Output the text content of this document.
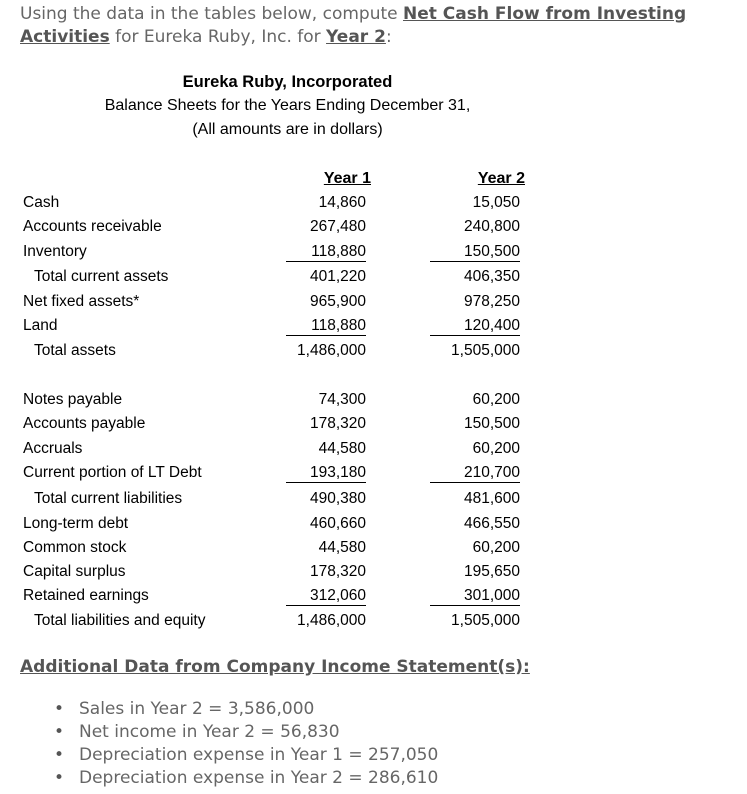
Using the data in the tables below, compute Net Cash Flow from Investing Activities for Eureka Ruby, Inc. for Year 2:
Eureka Ruby, Incorporated
Balance Sheets for the Years Ending December 31,
(All amounts are in dollars)
Year 1	Year 2
Cash	14,860	15,050
Accounts receivable	267,480	240,800
Inventory	118,880	150,500
Total current assets	401,220	406,350
Net fixed assets*	965,900	978,250
Land	118,880	120,400
Total assets	1,486,000	1,505,000
Notes payable	74,300	60,200
Accounts payable	178,320	150,500
Accruals	44,580	60,200
Current portion of LT Debt	193,180	210,700
Total current liabilities	490,380	481,600
Long-term debt	460,660	466,550
Common stock	44,580	60,200
Capital surplus	178,320	195,650
Retained earnings	312,060	301,000
Total liabilities and equity	1,486,000	1,505,000
Additional Data from Company Income Statement(s):
• Sales in Year 2 = 3,586,000
• Net income in Year 2 = 56,830
• Depreciation expense in Year 1 = 257,050
• Depreciation expense in Year 2 = 286,610
